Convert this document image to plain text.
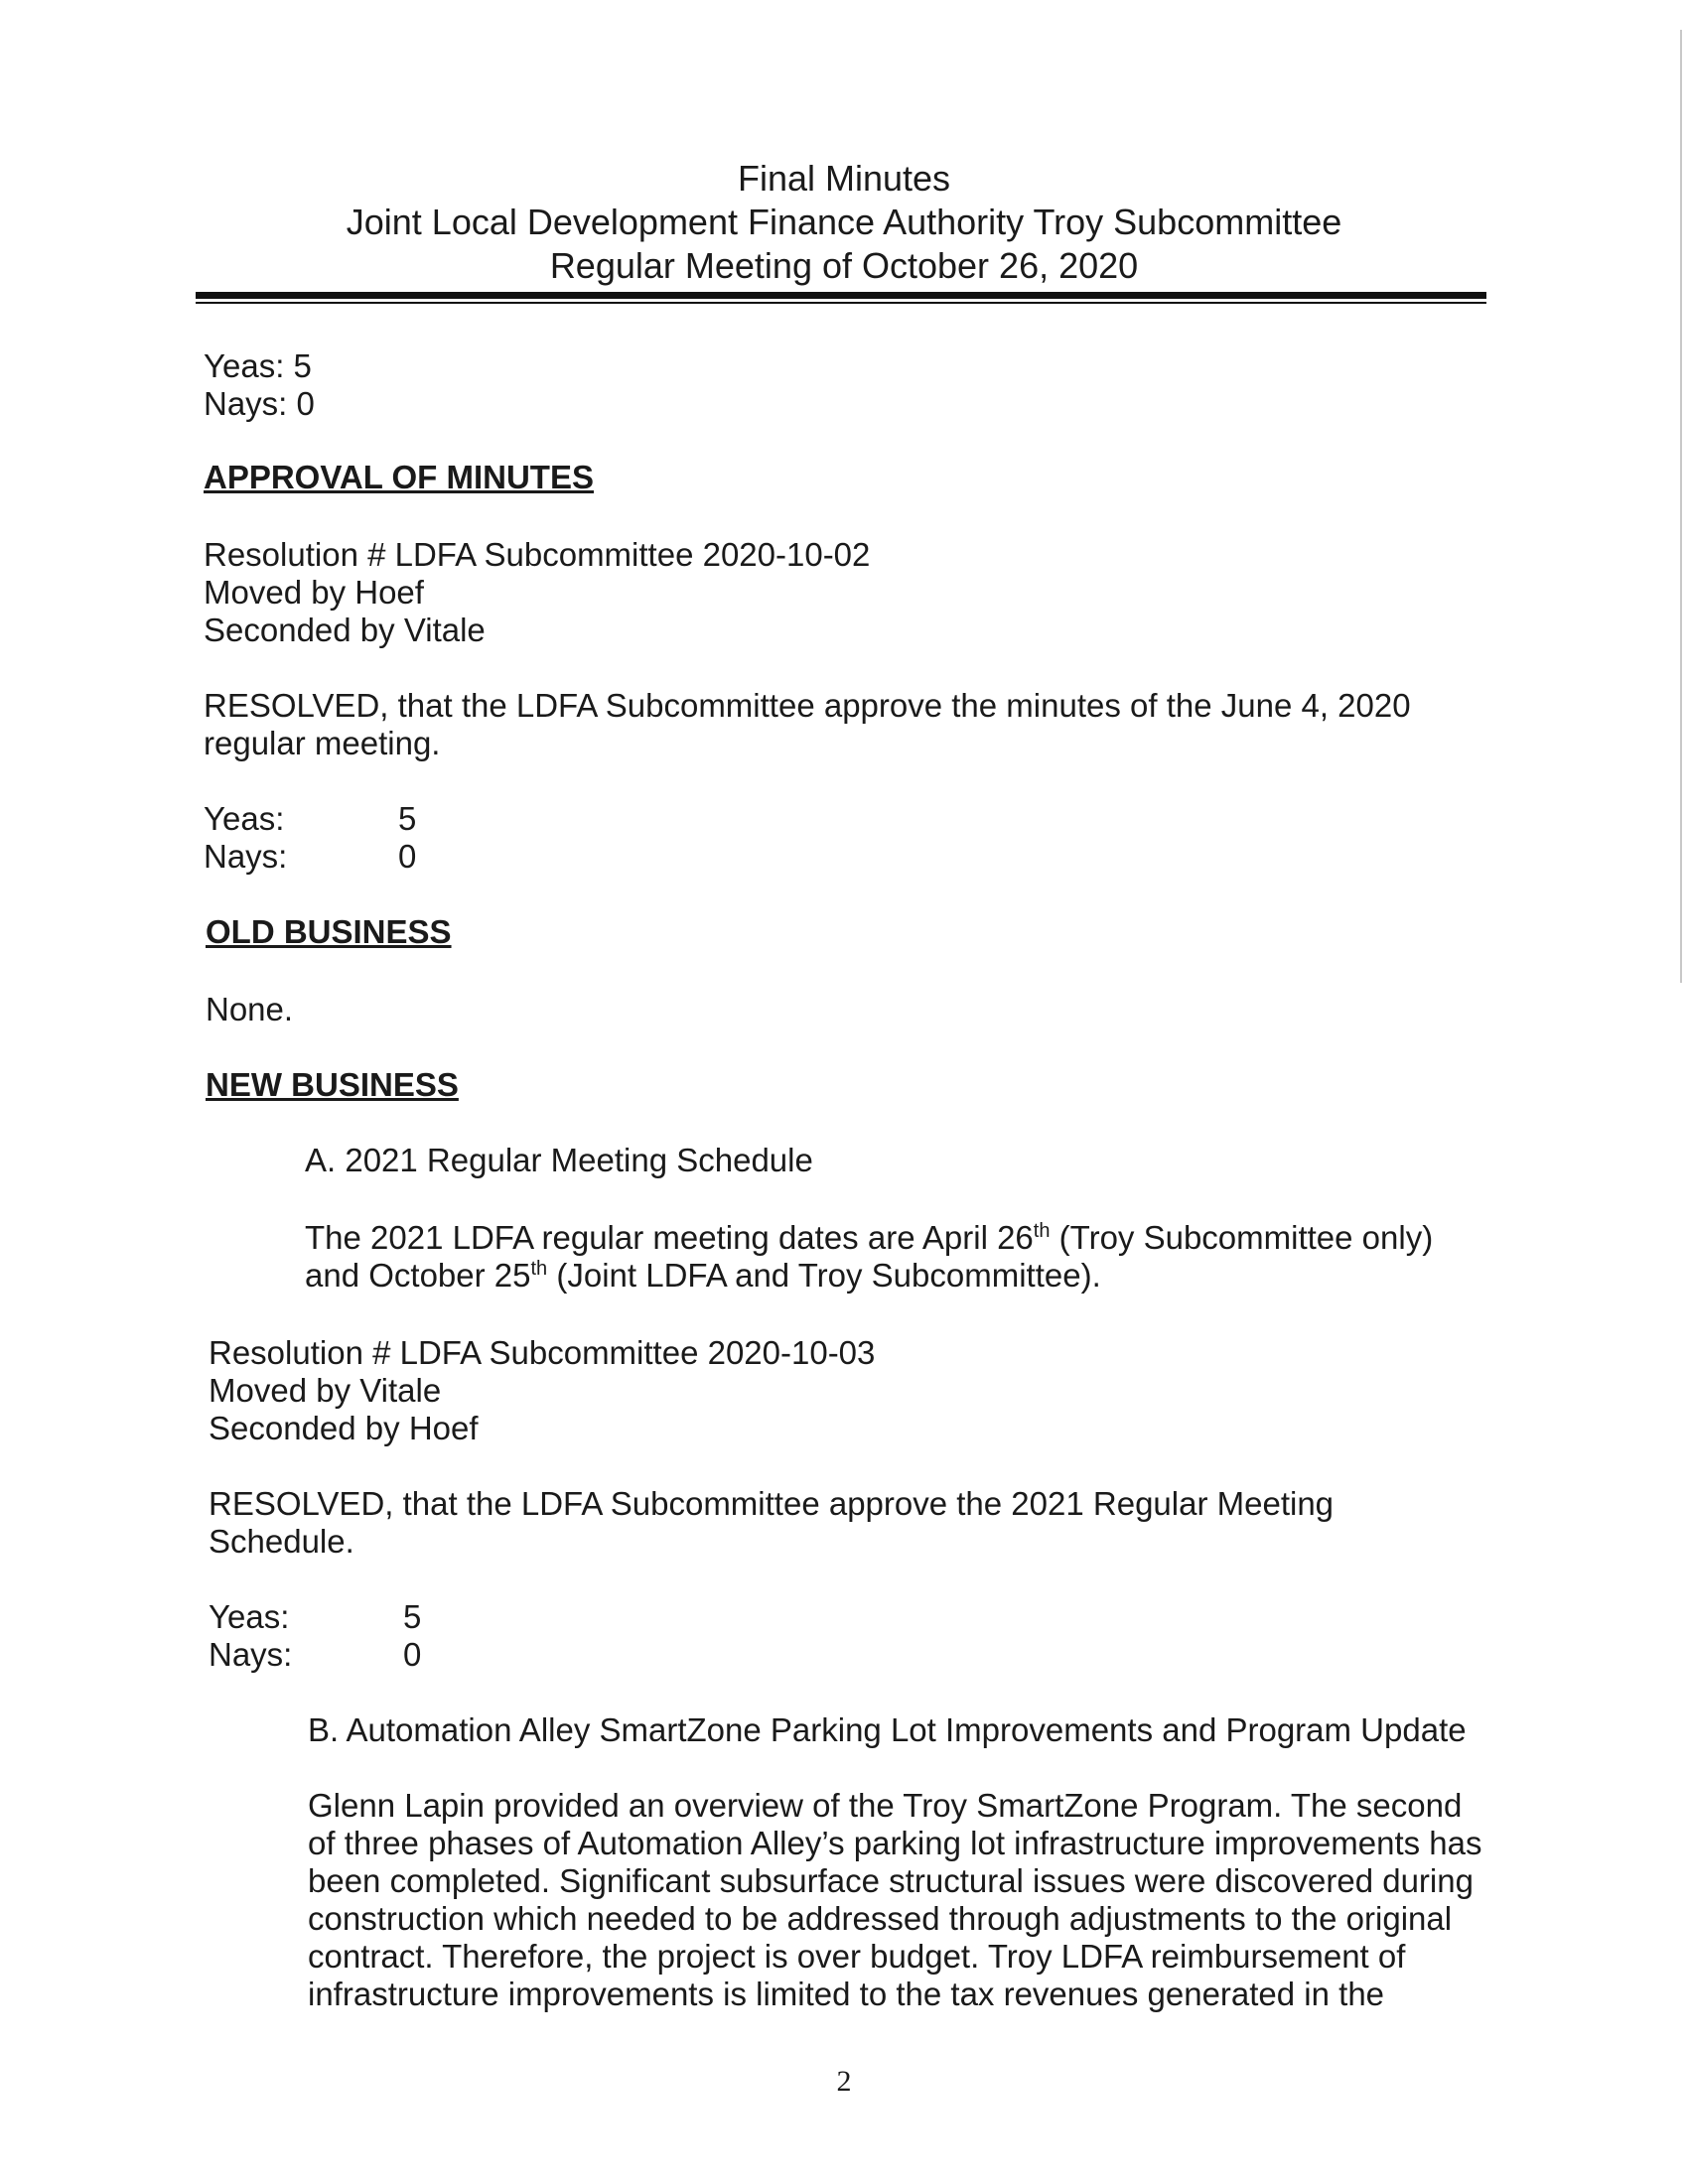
Final Minutes
Joint Local Development Finance Authority Troy Subcommittee
Regular Meeting of October 26, 2020
Yeas: 5
Nays: 0
APPROVAL OF MINUTES
Resolution # LDFA Subcommittee 2020-10-02
Moved by Hoef
Seconded by Vitale
RESOLVED, that the LDFA Subcommittee approve the minutes of the June 4, 2020
regular meeting.
Yeas:	5
Nays:	0
OLD BUSINESS
None.
NEW BUSINESS
A. 2021 Regular Meeting Schedule
The 2021 LDFA regular meeting dates are April 26th (Troy Subcommittee only)
and October 25th (Joint LDFA and Troy Subcommittee).
Resolution # LDFA Subcommittee 2020-10-03
Moved by Vitale
Seconded by Hoef
RESOLVED, that the LDFA Subcommittee approve the 2021 Regular Meeting
Schedule.
Yeas:	5
Nays:	0
B. Automation Alley SmartZone Parking Lot Improvements and Program Update
Glenn Lapin provided an overview of the Troy SmartZone Program. The second
of three phases of Automation Alley’s parking lot infrastructure improvements has
been completed. Significant subsurface structural issues were discovered during
construction which needed to be addressed through adjustments to the original
contract. Therefore, the project is over budget. Troy LDFA reimbursement of
infrastructure improvements is limited to the tax revenues generated in the
2
